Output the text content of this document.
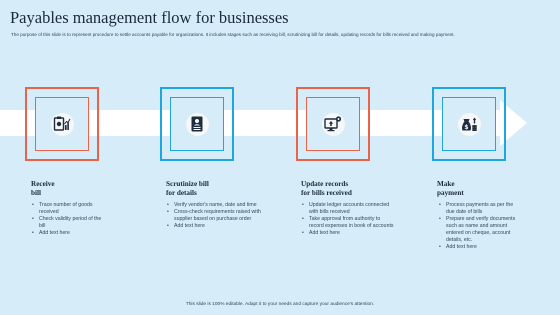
Payables management flow for businesses
The purpose of this slide is to represent procedure to settle accounts payable for organizations. It includes stages such as receiving bill, scrutinizing bill for details, updating records for bills received and making payment.
Receive
bill
• Trace number of goods received
• Check validity period of the bill
• Add text here
Scrutinize bill
for details
• Verify vendor's name, date and time
• Cross-check requirements raised with supplier based on purchase order
• Add text here
Update records
for bills received
• Update ledger accounts connected with bills received
• Take approval from authority to record expenses in book of accounts
• Add text here
$
Make
payment
• Process payments as per the due date of bills
• Prepare and verify documents such as name and amount entered on cheque, account details, etc.
• Add text here
This slide is 100% editable. Adapt it to your needs and capture your audience's attention.
